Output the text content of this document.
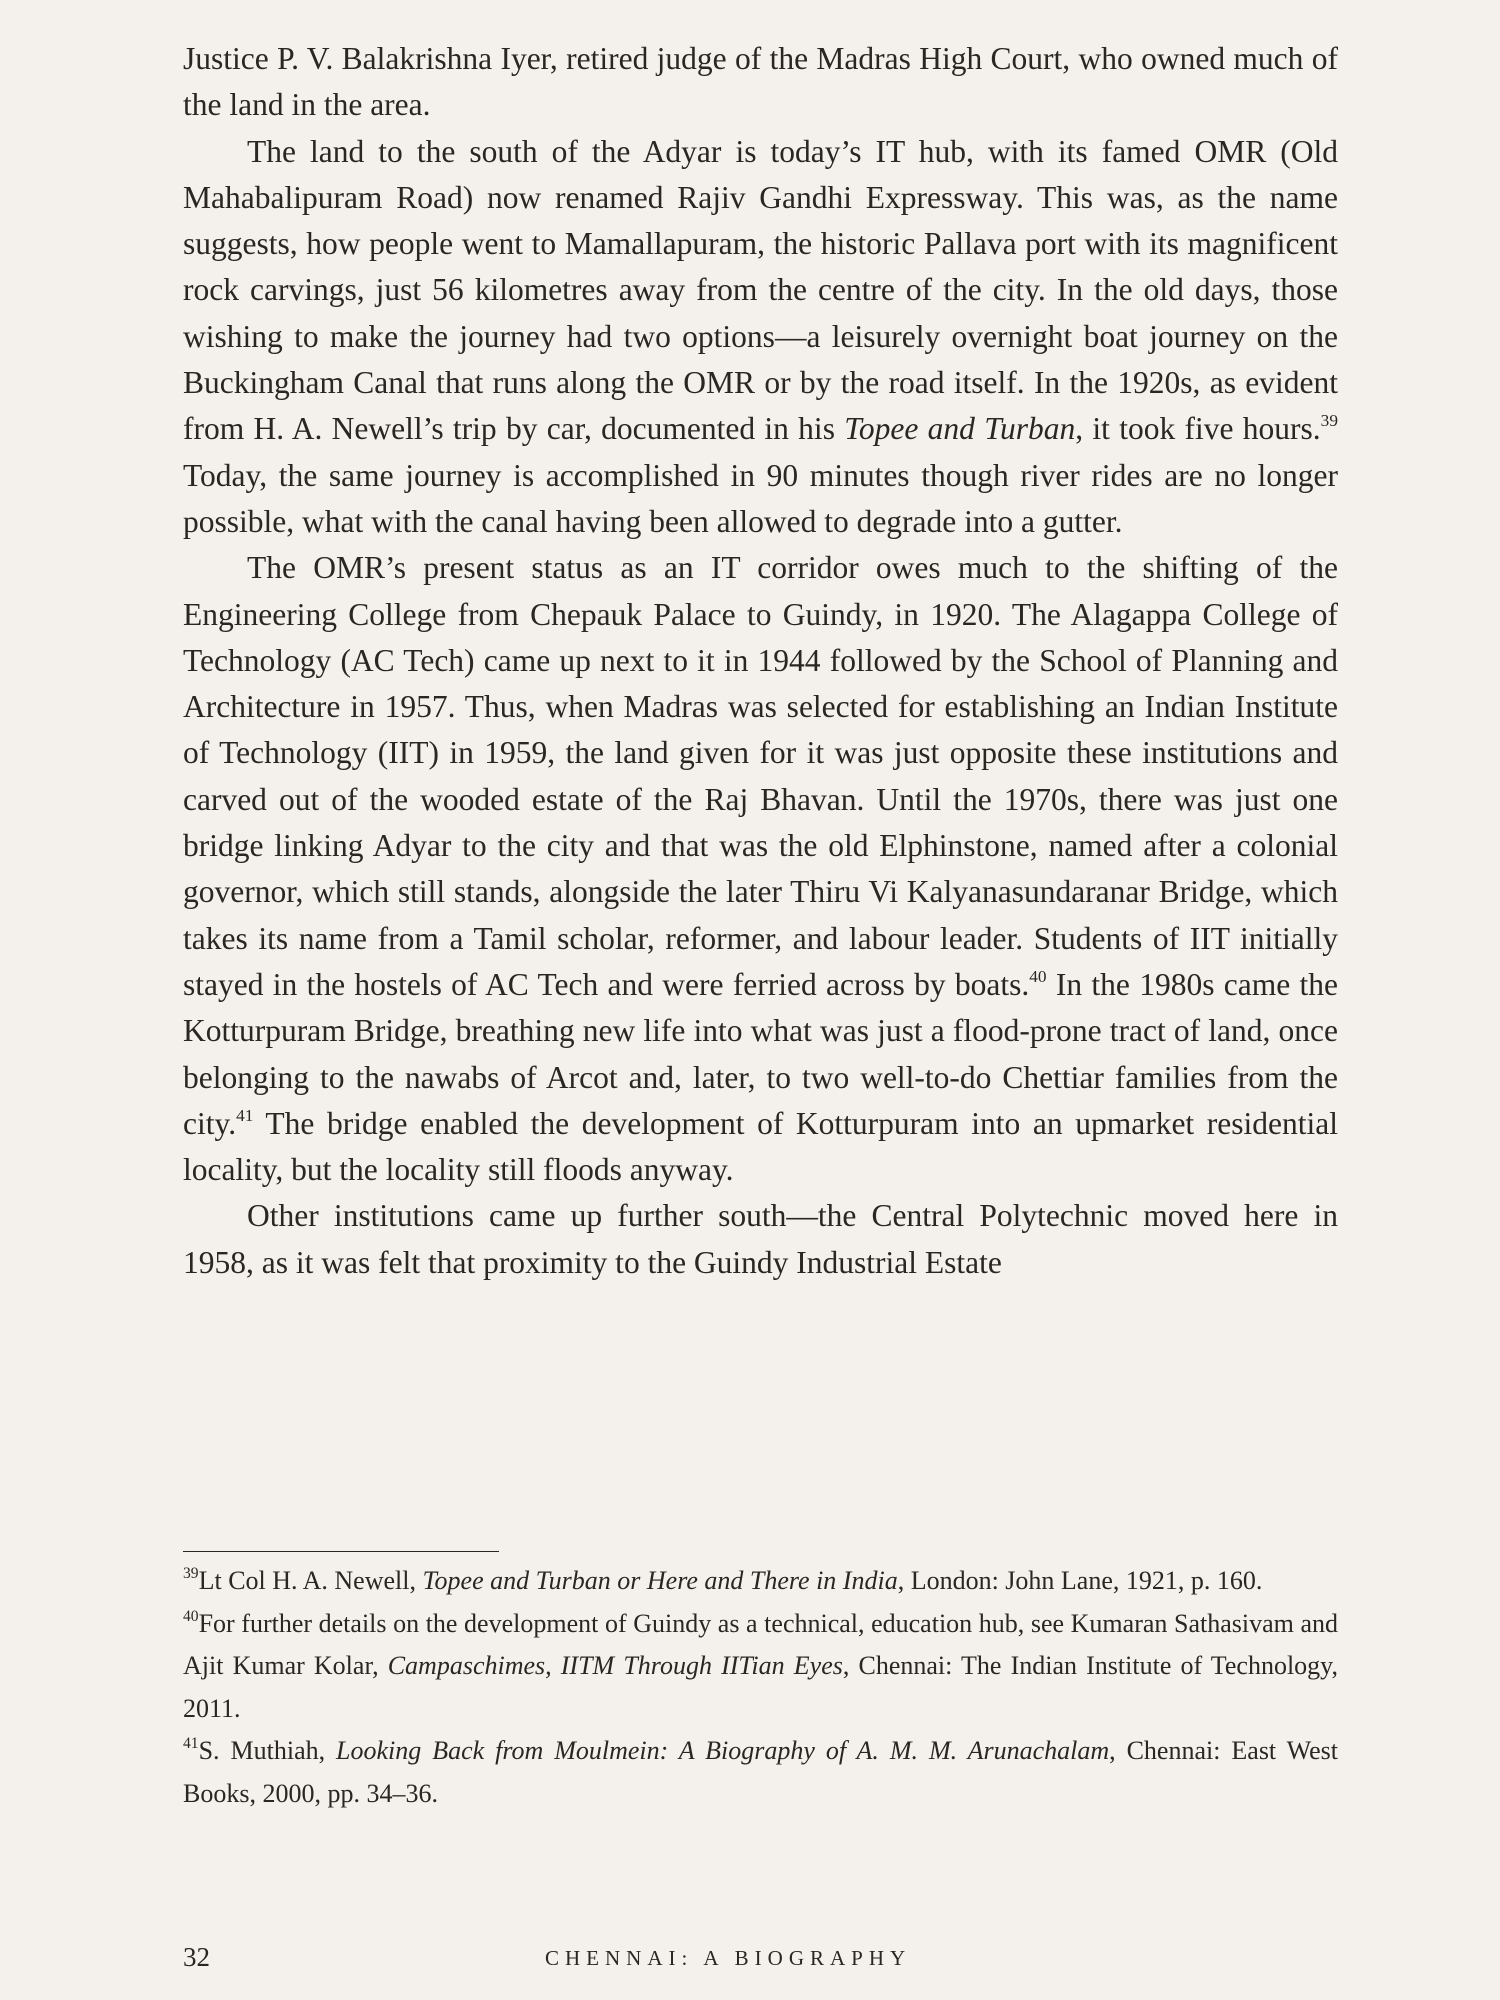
Justice P. V. Balakrishna Iyer, retired judge of the Madras High Court, who owned much of the land in the area.

The land to the south of the Adyar is today’s IT hub, with its famed OMR (Old Mahabalipuram Road) now renamed Rajiv Gandhi Expressway. This was, as the name suggests, how people went to Mamallapuram, the historic Pallava port with its magnificent rock carvings, just 56 kilometres away from the centre of the city. In the old days, those wishing to make the journey had two options—a leisurely overnight boat journey on the Buckingham Canal that runs along the OMR or by the road itself. In the 1920s, as evident from H. A. Newell’s trip by car, documented in his Topee and Turban, it took five hours.$^{39}$ Today, the same journey is accomplished in 90 minutes though river rides are no longer possible, what with the canal having been allowed to degrade into a gutter.

The OMR’s present status as an IT corridor owes much to the shifting of the Engineering College from Chepauk Palace to Guindy, in 1920. The Alagappa College of Technology (AC Tech) came up next to it in 1944 followed by the School of Planning and Architecture in 1957. Thus, when Madras was selected for establishing an Indian Institute of Technology (IIT) in 1959, the land given for it was just opposite these institutions and carved out of the wooded estate of the Raj Bhavan. Until the 1970s, there was just one bridge linking Adyar to the city and that was the old Elphinstone, named after a colonial governor, which still stands, alongside the later Thiru Vi Kalyanasundaranar Bridge, which takes its name from a Tamil scholar, reformer, and labour leader. Students of IIT initially stayed in the hostels of AC Tech and were ferried across by boats.$^{40}$ In the 1980s came the Kotturpuram Bridge, breathing new life into what was just a flood-prone tract of land, once belonging to the nawabs of Arcot and, later, to two well-to-do Chettiar families from the city.$^{41}$ The bridge enabled the development of Kotturpuram into an upmarket residential locality, but the locality still floods anyway.

Other institutions came up further south—the Central Polytechnic moved here in 1958, as it was felt that proximity to the Guindy Industrial Estate

$^{39}$Lt Col H. A. Newell, Topee and Turban or Here and There in India, London: John Lane, 1921, p. 160.

$^{40}$For further details on the development of Guindy as a technical, education hub, see Kumaran Sathasivam and Ajit Kumar Kolar, Campaschimes, IITM Through IITian Eyes, Chennai: The Indian Institute of Technology, 2011.

$^{41}$S. Muthiah, Looking Back from Moulmein: A Biography of A. M. M. Arunachalam, Chennai: East West Books, 2000, pp. 34–36.

32	CHENNAI: A BIOGRAPHY
